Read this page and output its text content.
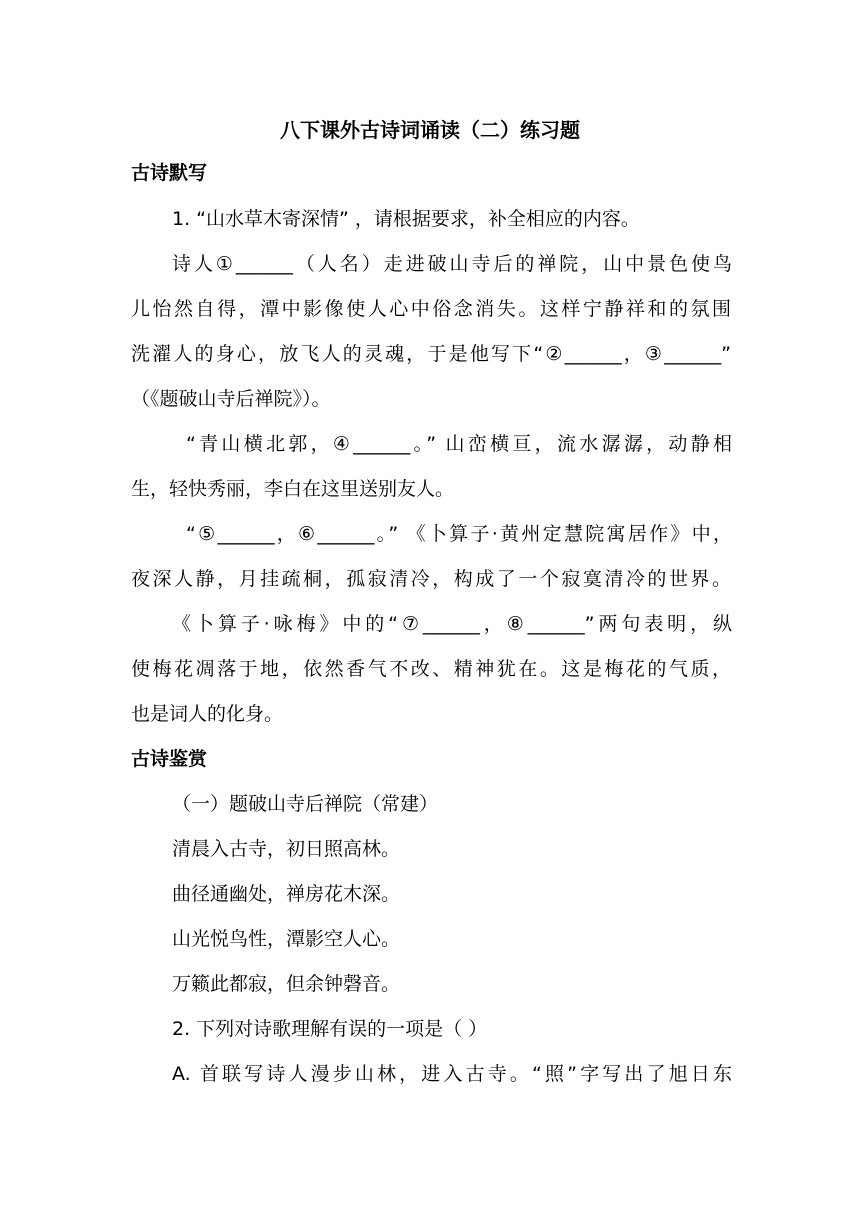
八下课外古诗词诵读（二）练习题
古诗默写
1. “山水草木寄深情” ，请根据要求，补全相应的内容。
诗人①______（人名）走进破山寺后的禅院，山中景色使鸟
儿怡然自得，潭中影像使人心中俗念消失。这样宁静祥和的氛围
洗濯人的身心，放飞人的灵魂，于是他写下“②______，③______”
（《题破山寺后禅院》）。
“青山横北郭，④______。” 山峦横亘，流水潺潺，动静相
生，轻快秀丽，李白在这里送别友人。
“⑤______，⑥______。” 《卜算子·黄州定慧院寓居作》中，
夜深人静，月挂疏桐，孤寂清冷，构成了一个寂寞清冷的世界。
《卜算子·咏梅》中的“⑦______，⑧______”两句表明，纵
使梅花凋落于地，依然香气不改、精神犹在。这是梅花的气质，
也是词人的化身。
古诗鉴赏
（一）题破山寺后禅院（常建）
清晨入古寺，初日照高林。
曲径通幽处，禅房花木深。
山光悦鸟性，潭影空人心。
万籁此都寂，但余钟磬音。
2. 下列对诗歌理解有误的一项是（ ）
A. 首联写诗人漫步山林，进入古寺。“照”字写出了旭日东
